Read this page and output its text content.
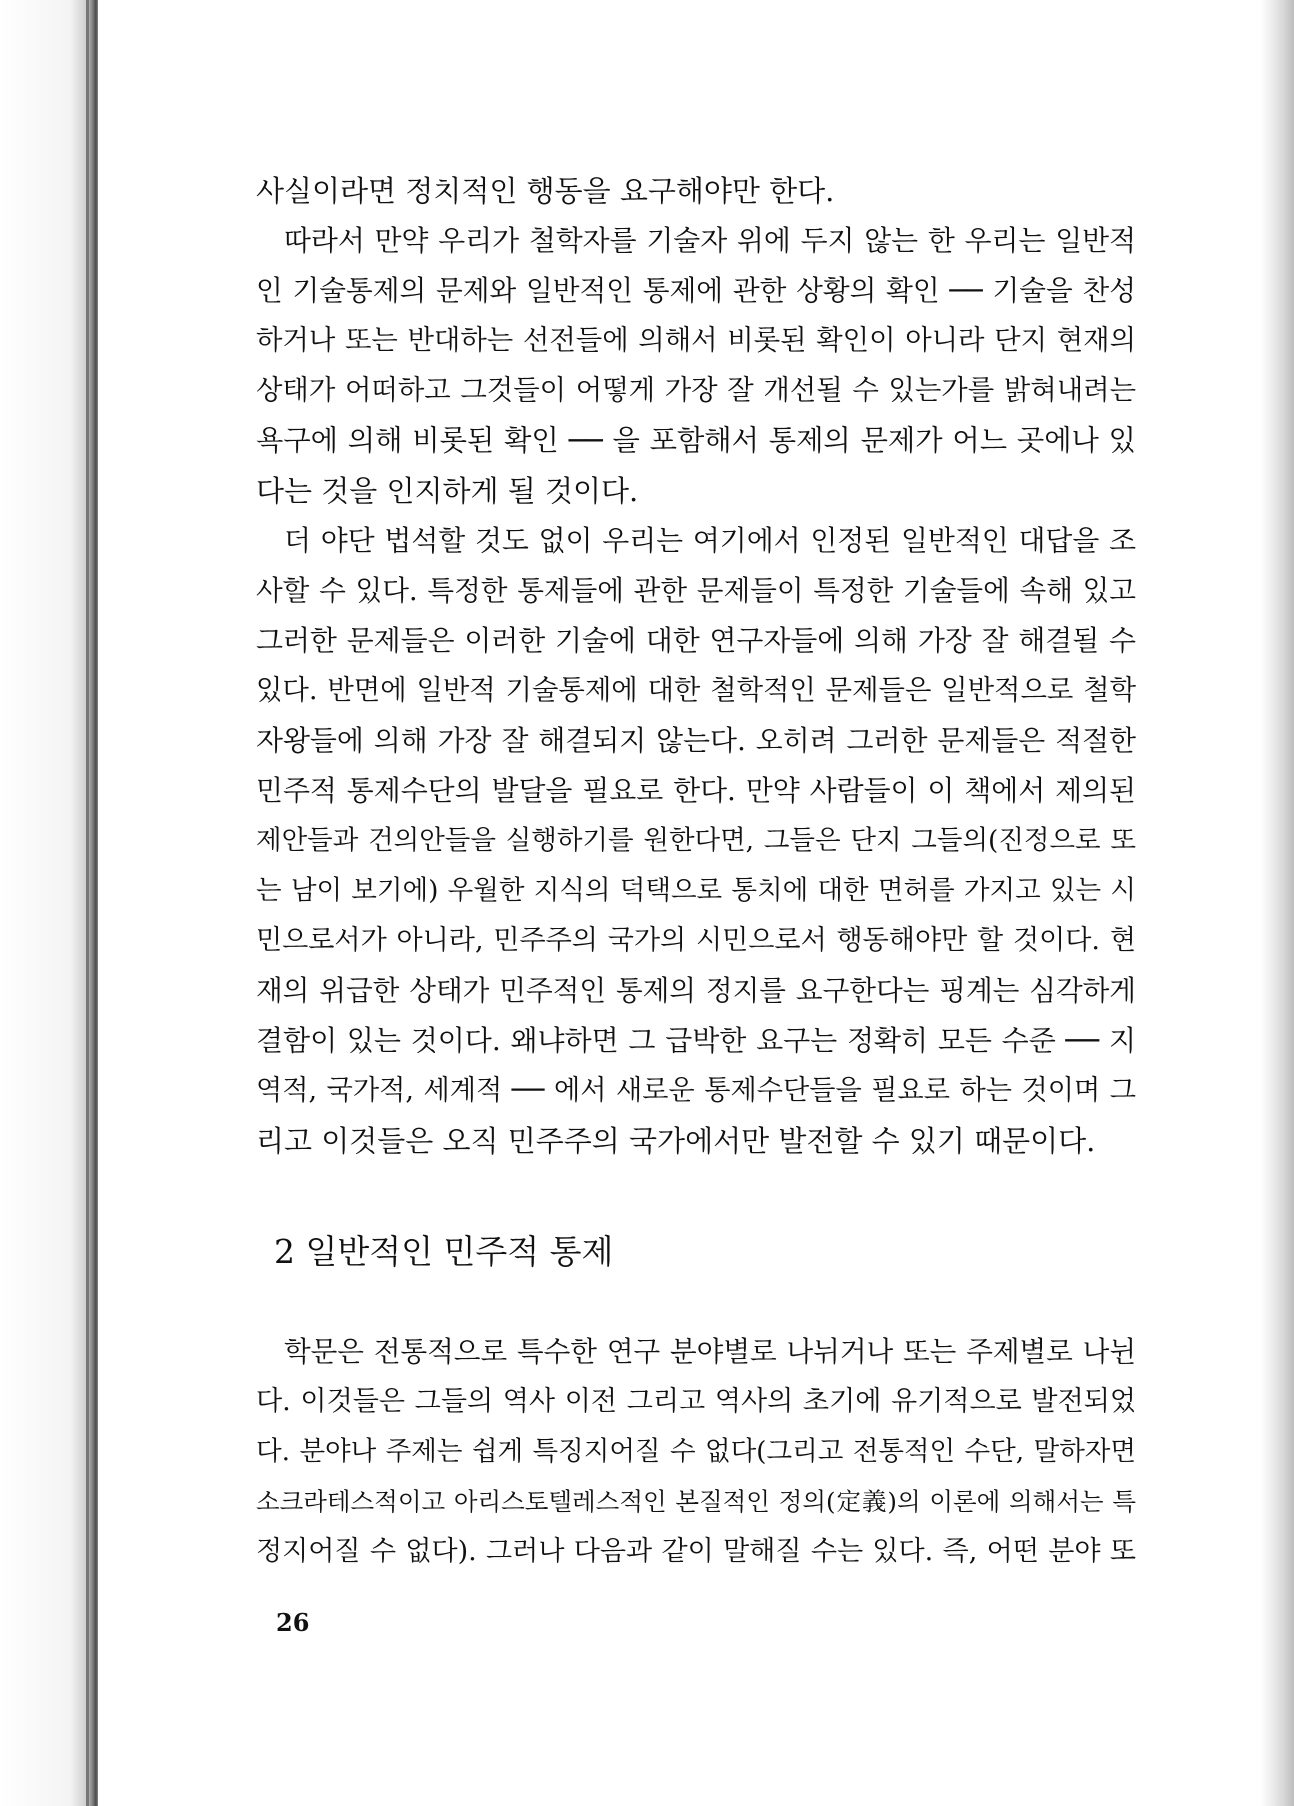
사실이라면 정치적인 행동을 요구해야만 한다.
따라서 만약 우리가 철학자를 기술자 위에 두지 않는 한 우리는 일반적
인 기술통제의 문제와 일반적인 통제에 관한 상황의 확인 ── 기술을 찬성
하거나 또는 반대하는 선전들에 의해서 비롯된 확인이 아니라 단지 현재의
상태가 어떠하고 그것들이 어떻게 가장 잘 개선될 수 있는가를 밝혀내려는
욕구에 의해 비롯된 확인 ── 을 포함해서 통제의 문제가 어느 곳에나 있
다는 것을 인지하게 될 것이다.
더 야단 법석할 것도 없이 우리는 여기에서 인정된 일반적인 대답을 조
사할 수 있다. 특정한 통제들에 관한 문제들이 특정한 기술들에 속해 있고
그러한 문제들은 이러한 기술에 대한 연구자들에 의해 가장 잘 해결될 수
있다. 반면에 일반적 기술통제에 대한 철학적인 문제들은 일반적으로 철학
자왕들에 의해 가장 잘 해결되지 않는다. 오히려 그러한 문제들은 적절한
민주적 통제수단의 발달을 필요로 한다. 만약 사람들이 이 책에서 제의된
제안들과 건의안들을 실행하기를 원한다면, 그들은 단지 그들의(진정으로 또
는 남이 보기에) 우월한 지식의 덕택으로 통치에 대한 면허를 가지고 있는 시
민으로서가 아니라, 민주주의 국가의 시민으로서 행동해야만 할 것이다. 현
재의 위급한 상태가 민주적인 통제의 정지를 요구한다는 핑계는 심각하게
결함이 있는 것이다. 왜냐하면 그 급박한 요구는 정확히 모든 수준 ── 지
역적, 국가적, 세계적 ── 에서 새로운 통제수단들을 필요로 하는 것이며 그
리고 이것들은 오직 민주주의 국가에서만 발전할 수 있기 때문이다.
2 일반적인 민주적 통제
학문은 전통적으로 특수한 연구 분야별로 나뉘거나 또는 주제별로 나뉜
다. 이것들은 그들의 역사 이전 그리고 역사의 초기에 유기적으로 발전되었
다. 분야나 주제는 쉽게 특징지어질 수 없다(그리고 전통적인 수단, 말하자면
소크라테스적이고 아리스토텔레스적인 본질적인 정의(定義)의 이론에 의해서는 특
정지어질 수 없다). 그러나 다음과 같이 말해질 수는 있다. 즉, 어떤 분야 또
26
